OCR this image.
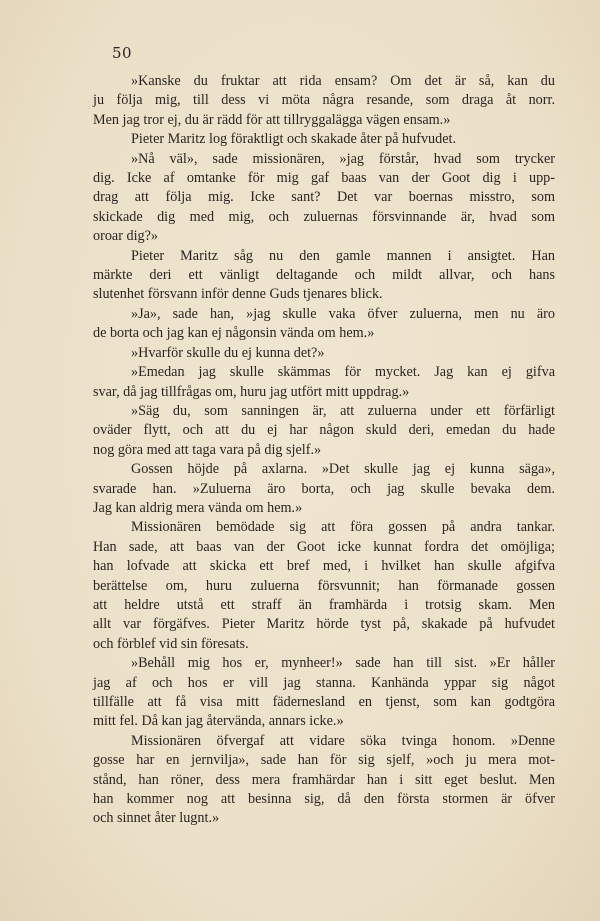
50
»Kanske du fruktar att rida ensam? Om det är så, kan du
ju följa mig, till dess vi möta några resande, som draga åt norr.
Men jag tror ej, du är rädd för att tillryggalägga vägen ensam.»
Pieter Maritz log föraktligt och skakade åter på hufvudet.
»Nå väl», sade missionären, »jag förstår, hvad som trycker
dig. Icke af omtanke för mig gaf baas van der Goot dig i upp-
drag att följa mig. Icke sant? Det var boernas misstro, som
skickade dig med mig, och zuluernas försvinnande är, hvad som
oroar dig?»
Pieter Maritz såg nu den gamle mannen i ansigtet. Han
märkte deri ett vänligt deltagande och mildt allvar, och hans
slutenhet försvann inför denne Guds tjenares blick.
»Ja», sade han, »jag skulle vaka öfver zuluerna, men nu äro
de borta och jag kan ej någonsin vända om hem.»
»Hvarför skulle du ej kunna det?»
»Emedan jag skulle skämmas för mycket. Jag kan ej gifva
svar, då jag tillfrågas om, huru jag utfört mitt uppdrag.»
»Säg du, som sanningen är, att zuluerna under ett förfärligt
oväder flytt, och att du ej har någon skuld deri, emedan du hade
nog göra med att taga vara på dig sjelf.»
Gossen höjde på axlarna. »Det skulle jag ej kunna säga»,
svarade han. »Zuluerna äro borta, och jag skulle bevaka dem.
Jag kan aldrig mera vända om hem.»
Missionären bemödade sig att föra gossen på andra tankar.
Han sade, att baas van der Goot icke kunnat fordra det omöjliga;
han lofvade att skicka ett bref med, i hvilket han skulle afgifva
berättelse om, huru zuluerna försvunnit; han förmanade gossen
att heldre utstå ett straff än framhärda i trotsig skam. Men
allt var förgäfves. Pieter Maritz hörde tyst på, skakade på hufvudet
och förblef vid sin föresats.
»Behåll mig hos er, mynheer!» sade han till sist. »Er håller
jag af och hos er vill jag stanna. Kanhända yppar sig något
tillfälle att få visa mitt fädernesland en tjenst, som kan godtgöra
mitt fel. Då kan jag återvända, annars icke.»
Missionären öfvergaf att vidare söka tvinga honom. »Denne
gosse har en jernvilja», sade han för sig sjelf, »och ju mera mot-
stånd, han röner, dess mera framhärdar han i sitt eget beslut. Men
han kommer nog att besinna sig, då den första stormen är öfver
och sinnet åter lugnt.»
